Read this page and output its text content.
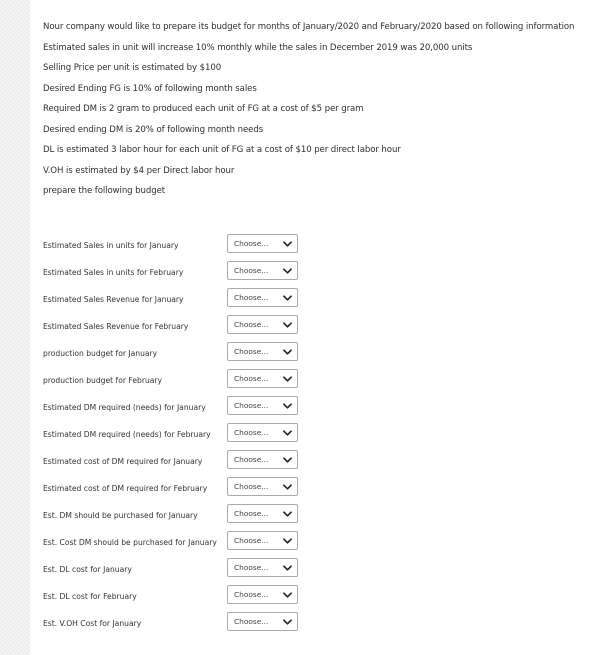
Nour company would like to prepare its budget for months of January/2020 and February/2020 based on following information
Estimated sales in unit will increase 10% monthly while the sales in December 2019 was 20,000 units
Selling Price per unit is estimated by $100
Desired Ending FG is 10% of following month sales
Required DM is 2 gram to produced each unit of FG at a cost of $5 per gram
Desired ending DM is 20% of following month needs
DL is estimated 3 labor hour for each unit of FG at a cost of $10 per direct labor hour
V.OH is estimated by $4 per Direct labor hour
prepare the following budget
Estimated Sales in units for January	Choose...
Estimated Sales in units for February	Choose...
Estimated Sales Revenue for January	Choose...
Estimated Sales Revenue for February	Choose...
production budget for January	Choose...
production budget for February	Choose...
Estimated DM required (needs) for January	Choose...
Estimated DM required (needs) for February	Choose...
Estimated cost of DM required for January	Choose...
Estimated cost of DM required for February	Choose...
Est. DM should be purchased for January	Choose...
Est. Cost DM should be purchased for January Choose...
Est. DL cost for January	Choose...
Est. DL cost for February	Choose...
Est. V.OH Cost for January	Choose...
